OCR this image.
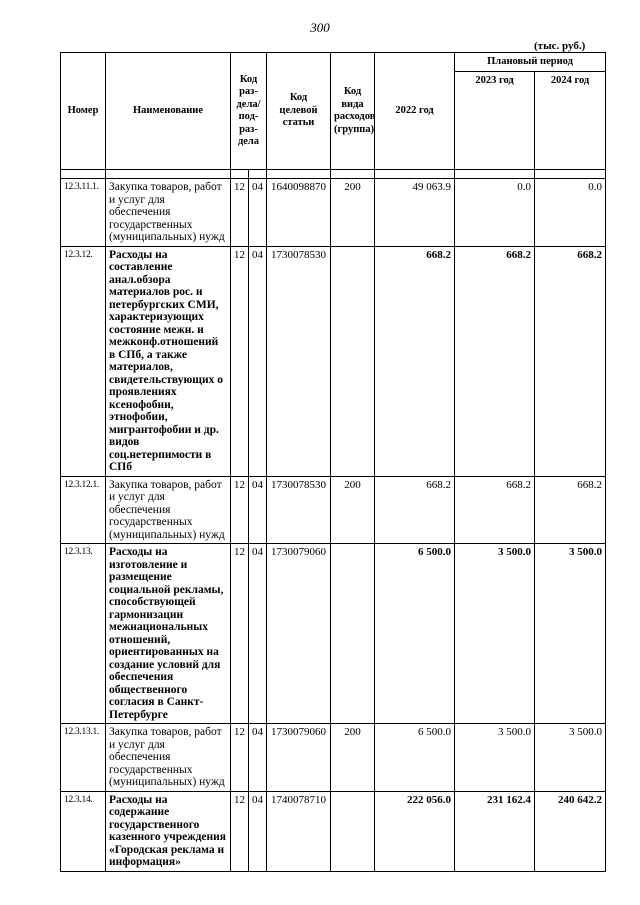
300
(тыс. руб.)
Номер	Наименование	Код раз- дела/ под- раз- дела		Код целевой статьи	Код вида расходов (группа)	2022 год	Плановый период	
							2023 год	2024 год

12.3.11.1.	Закупка товаров, работ и услуг для обеспечения государственных (муниципальных) нужд	12	04	1640098870	200	49 063.9	0.0	0.0
12.3.12.	Расходы на составление анал.обзора материалов рос. и петербургских СМИ, характеризующих состояние межн. и межконф.отношений в СПб, а также материалов, свидетельствующих о проявлениях ксенофобии, этнофобии, мигрантофобии и др. видов соц.нетерпимости в СПб	12	04	1730078530		668.2	668.2	668.2
12.3.12.1.	Закупка товаров, работ и услуг для обеспечения государственных (муниципальных) нужд	12	04	1730078530	200	668.2	668.2	668.2
12.3.13.	Расходы на изготовление и размещение социальной рекламы, способствующей гармонизации межнациональных отношений, ориентированных на создание условий для обеспечения общественного согласия в Санкт-Петербурге	12	04	1730079060		6 500.0	3 500.0	3 500.0
12.3.13.1.	Закупка товаров, работ и услуг для обеспечения государственных (муниципальных) нужд	12	04	1730079060	200	6 500.0	3 500.0	3 500.0
12.3.14.	Расходы на содержание государственного казенного учреждения «Городская реклама и информация»	12	04	1740078710		222 056.0	231 162.4	240 642.2
